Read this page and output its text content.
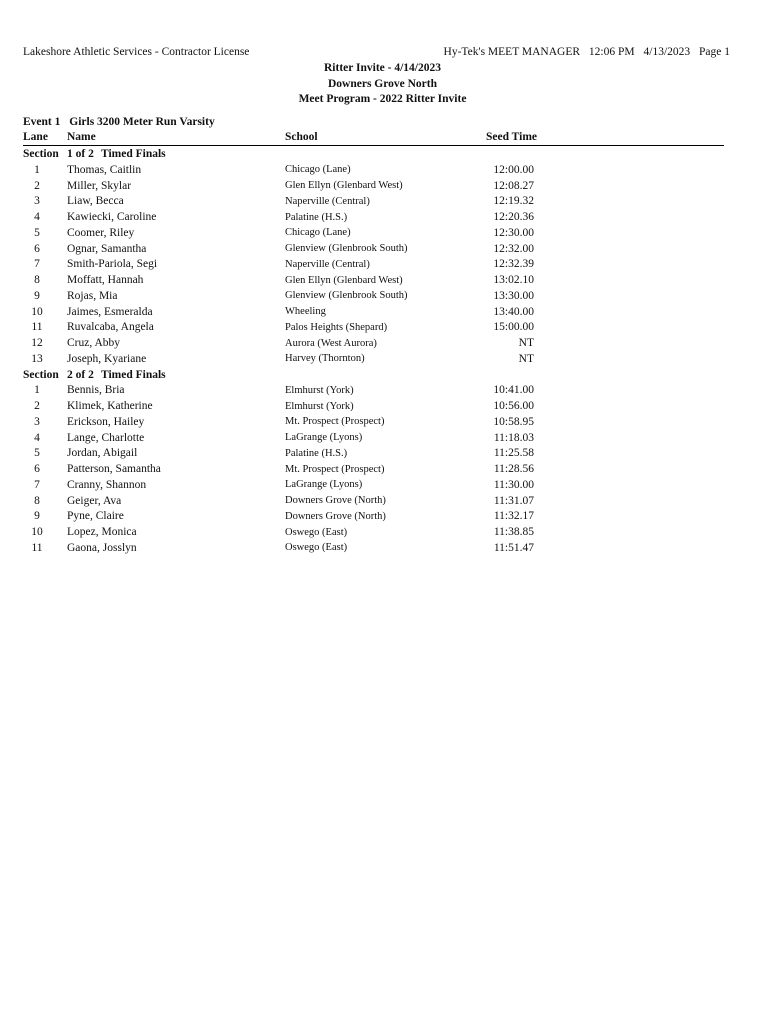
Lakeshore Athletic Services - Contractor License	Hy-Tek's MEET MANAGER 12:06 PM 4/13/2023 Page 1
Ritter Invite - 4/14/2023
Downers Grove North
Meet Program - 2022 Ritter Invite
Event 1 Girls 3200 Meter Run Varsity
Lane Name	School	Seed Time
Section 1 of 2 Timed Finals
1	Thomas, Caitlin	Chicago (Lane)	12:00.00
2	Miller, Skylar	Glen Ellyn (Glenbard West)	12:08.27
3	Liaw, Becca	Naperville (Central)	12:19.32
4	Kawiecki, Caroline	Palatine (H.S.)	12:20.36
5	Coomer, Riley	Chicago (Lane)	12:30.00
6	Ognar, Samantha	Glenview (Glenbrook South)	12:32.00
7	Smith-Pariola, Segi	Naperville (Central)	12:32.39
8	Moffatt, Hannah	Glen Ellyn (Glenbard West)	13:02.10
9	Rojas, Mia	Glenview (Glenbrook South)	13:30.00
10 Jaimes, Esmeralda	Wheeling	13:40.00
11	Ruvalcaba, Angela	Palos Heights (Shepard)	15:00.00
12 Cruz, Abby	Aurora (West Aurora)	NT
13 Joseph, Kyariane	Harvey (Thornton)	NT
Section 2 of 2 Timed Finals
1	Bennis, Bria	Elmhurst (York)	10:41.00
2	Klimek, Katherine	Elmhurst (York)	10:56.00
3	Erickson, Hailey	Mt. Prospect (Prospect)	10:58.95
4	Lange, Charlotte	LaGrange (Lyons)	11:18.03
5	Jordan, Abigail	Palatine (H.S.)	11:25.58
6	Patterson, Samantha	Mt. Prospect (Prospect)	11:28.56
7	Cranny, Shannon	LaGrange (Lyons)	11:30.00
8	Geiger, Ava	Downers Grove (North)	11:31.07
9	Pyne, Claire	Downers Grove (North)	11:32.17
10 Lopez, Monica	Oswego (East)	11:38.85
11	Gaona, Josslyn	Oswego (East)	11:51.47
